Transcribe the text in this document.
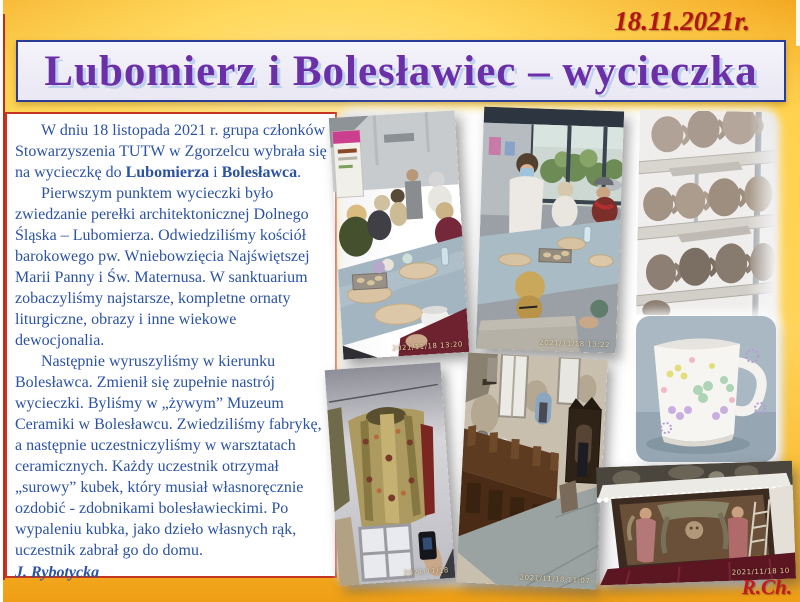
18.11.2021r.
Lubomierz i Bolesławiec – wycieczka

W dniu 18 listopada 2021 r. grupa członków Stowarzyszenia TUTW w Zgorzelcu wybrała się na wycieczkę do Lubomierza i Bolesławca.

Pierwszym punktem wycieczki było zwiedzanie perełki architektonicznej Dolnego Śląska – Lubomierza. Odwiedziliśmy kościół barokowego pw. Wniebowzięcia Najświętszej Marii Panny i Św. Maternusa. W sanktuarium zobaczyliśmy najstarsze, kompletne ornaty liturgiczne, obrazy i inne wiekowe dewocjonalia.

Następnie wyruszyliśmy w kierunku Bolesławca. Zmienił się zupełnie nastrój wycieczki. Byliśmy w „żywym” Muzeum Ceramiki w Bolesławcu. Zwiedziliśmy fabrykę, a następnie uczestniczyliśmy w warsztatach ceramicznych. Każdy uczestnik otrzymał „surowy” kubek, który musiał własnoręcznie ozdobić - zdobnikami bolesławieckimi. Po wypaleniu kubka, jako dzieło własnych rąk, uczestnik zabrał go do domu.

J. Rybotycka

2021/11/18 13:20	2021/11/18 13:22
2021/11/18
2021/11/18 11:07
2021/11/18 10
R.Ch.
